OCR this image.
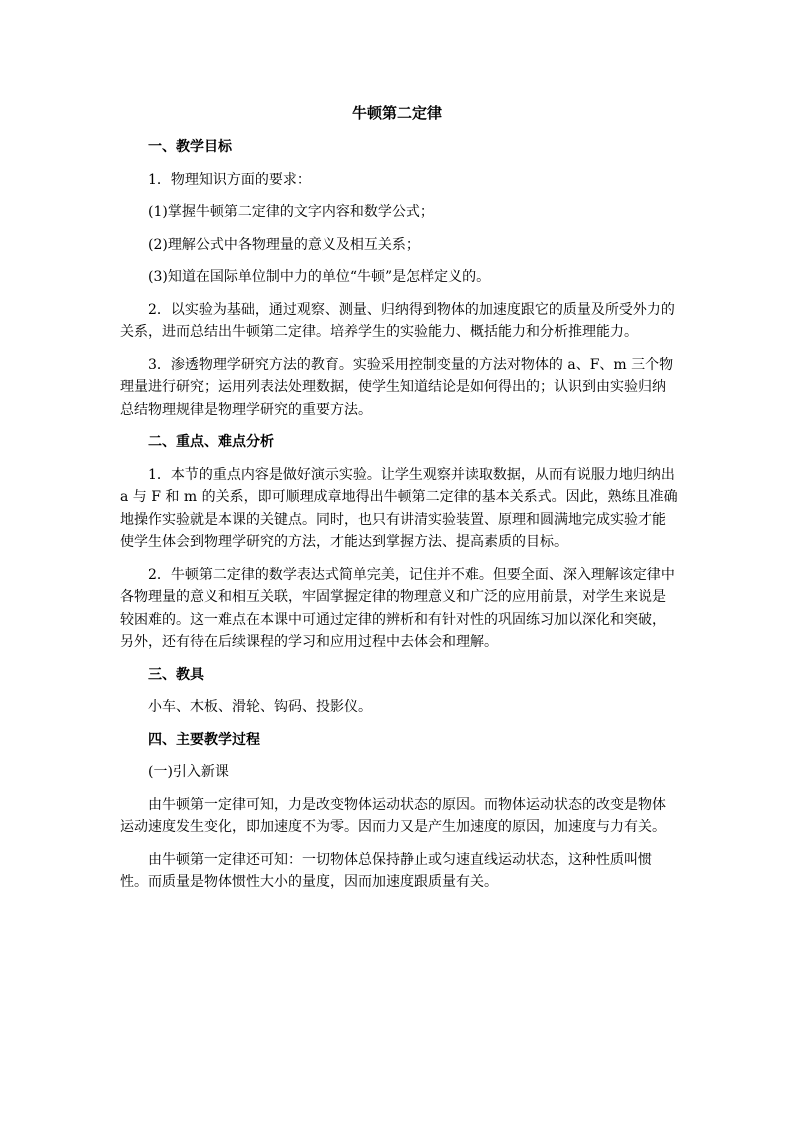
牛顿第二定律
一、教学目标

1．物理知识方面的要求：

(1)掌握牛顿第二定律的文字内容和数学公式；

(2)理解公式中各物理量的意义及相互关系；

(3)知道在国际单位制中力的单位“牛顿”是怎样定义的。

2．以实验为基础，通过观察、测量、归纳得到物体的加速度跟它的质量及所受外力的关系，进而总结出牛顿第二定律。培养学生的实验能力、概括能力和分析推理能力。

3．渗透物理学研究方法的教育。实验采用控制变量的方法对物体的 a、F、m 三个物理量进行研究；运用列表法处理数据，使学生知道结论是如何得出的；认识到由实验归纳总结物理规律是物理学研究的重要方法。

二、重点、难点分析

1．本节的重点内容是做好演示实验。让学生观察并读取数据，从而有说服力地归纳出 a 与 F 和 m 的关系，即可顺理成章地得出牛顿第二定律的基本关系式。因此，熟练且准确地操作实验就是本课的关键点。同时，也只有讲清实验装置、原理和圆满地完成实验才能使学生体会到物理学研究的方法，才能达到掌握方法、提高素质的目标。

2．牛顿第二定律的数学表达式简单完美，记住并不难。但要全面、深入理解该定律中各物理量的意义和相互关联，牢固掌握定律的物理意义和广泛的应用前景，对学生来说是较困难的。这一难点在本课中可通过定律的辨析和有针对性的巩固练习加以深化和突破，另外，还有待在后续课程的学习和应用过程中去体会和理解。

三、教具

小车、木板、滑轮、钩码、投影仪。

四、主要教学过程

(一)引入新课

由牛顿第一定律可知，力是改变物体运动状态的原因。而物体运动状态的改变是物体运动速度发生变化，即加速度不为零。因而力又是产生加速度的原因，加速度与力有关。

由牛顿第一定律还可知：一切物体总保持静止或匀速直线运动状态，这种性质叫惯性。而质量是物体惯性大小的量度，因而加速度跟质量有关。
